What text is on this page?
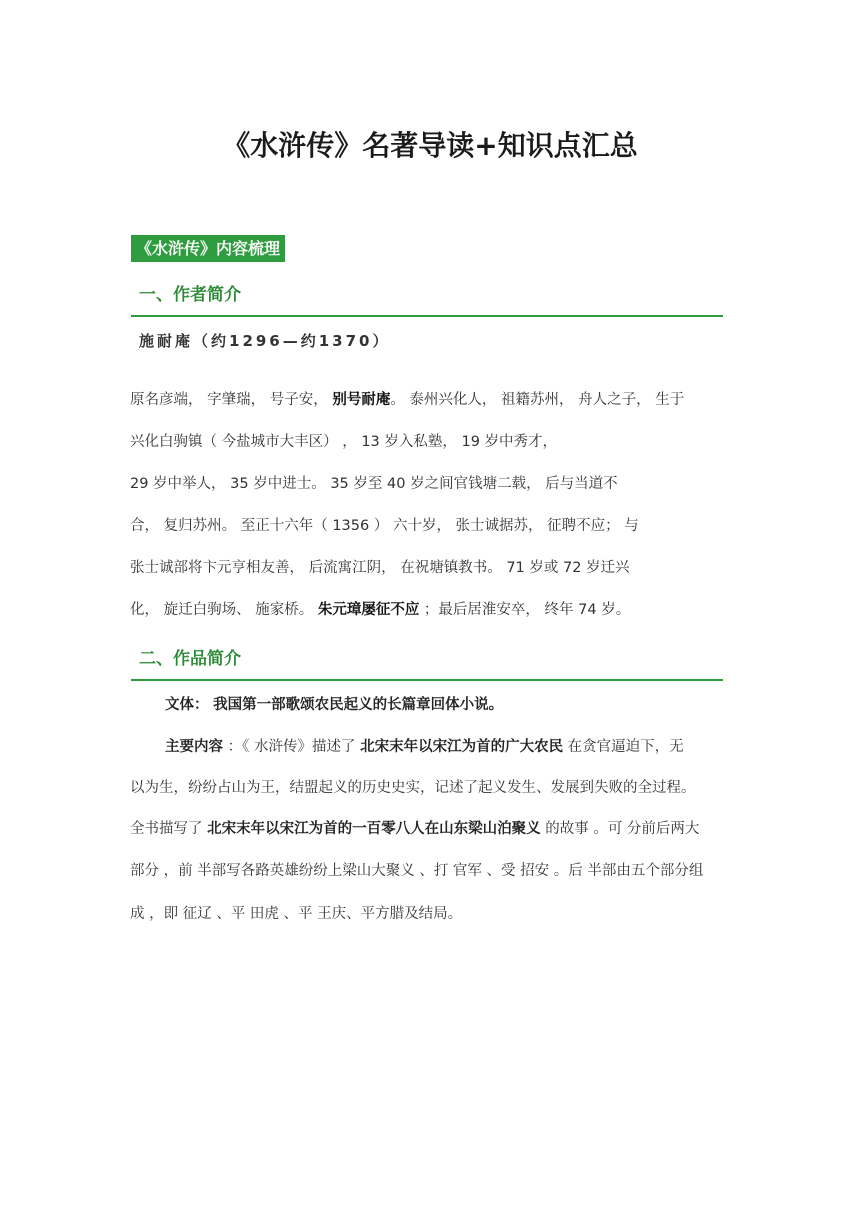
《水浒传》名著导读+知识点汇总
《水浒传》内容梳理
一、作者简介
施耐庵（约1296—约1370）
原名彦端， 字肇瑞， 号子安， 别号耐庵。 泰州兴化人， 祖籍苏州， 舟人之子， 生于
兴化白驹镇（ 今盐城市大丰区） ， 13 岁入私塾， 19 岁中秀才，
29 岁中举人， 35 岁中进士。 35 岁至 40 岁之间官钱塘二载， 后与当道不
合， 复归苏州。 至正十六年（ 1356 ） 六十岁， 张士诚据苏， 征聘不应； 与
张士诚部将卞元亨相友善， 后流寓江阴， 在祝塘镇教书。 71 岁或 72 岁迁兴
化， 旋迁白驹场、 施家桥。 朱元璋屡征不应 ；最后居淮安卒， 终年 74 岁。
二、作品简介
文体： 我国第一部歌颂农民起义的长篇章回体小说。
主要内容 ：《 水浒传》描述了 北宋末年以宋江为首的广大农民 在贪官逼迫下，无
以为生，纷纷占山为王，结盟起义的历史史实，记述了起义发生、发展到失败的全过程。
全书描写了 北宋末年以宋江为首的一百零八人在山东梁山泊聚义 的故事 。可 分前后两大
部分 ，前 半部写各路英雄纷纷上梁山大聚义 、打 官军 、受 招安 。后 半部由五个部分组
成 ，即 征辽 、平 田虎 、平 王庆、平方腊及结局。
